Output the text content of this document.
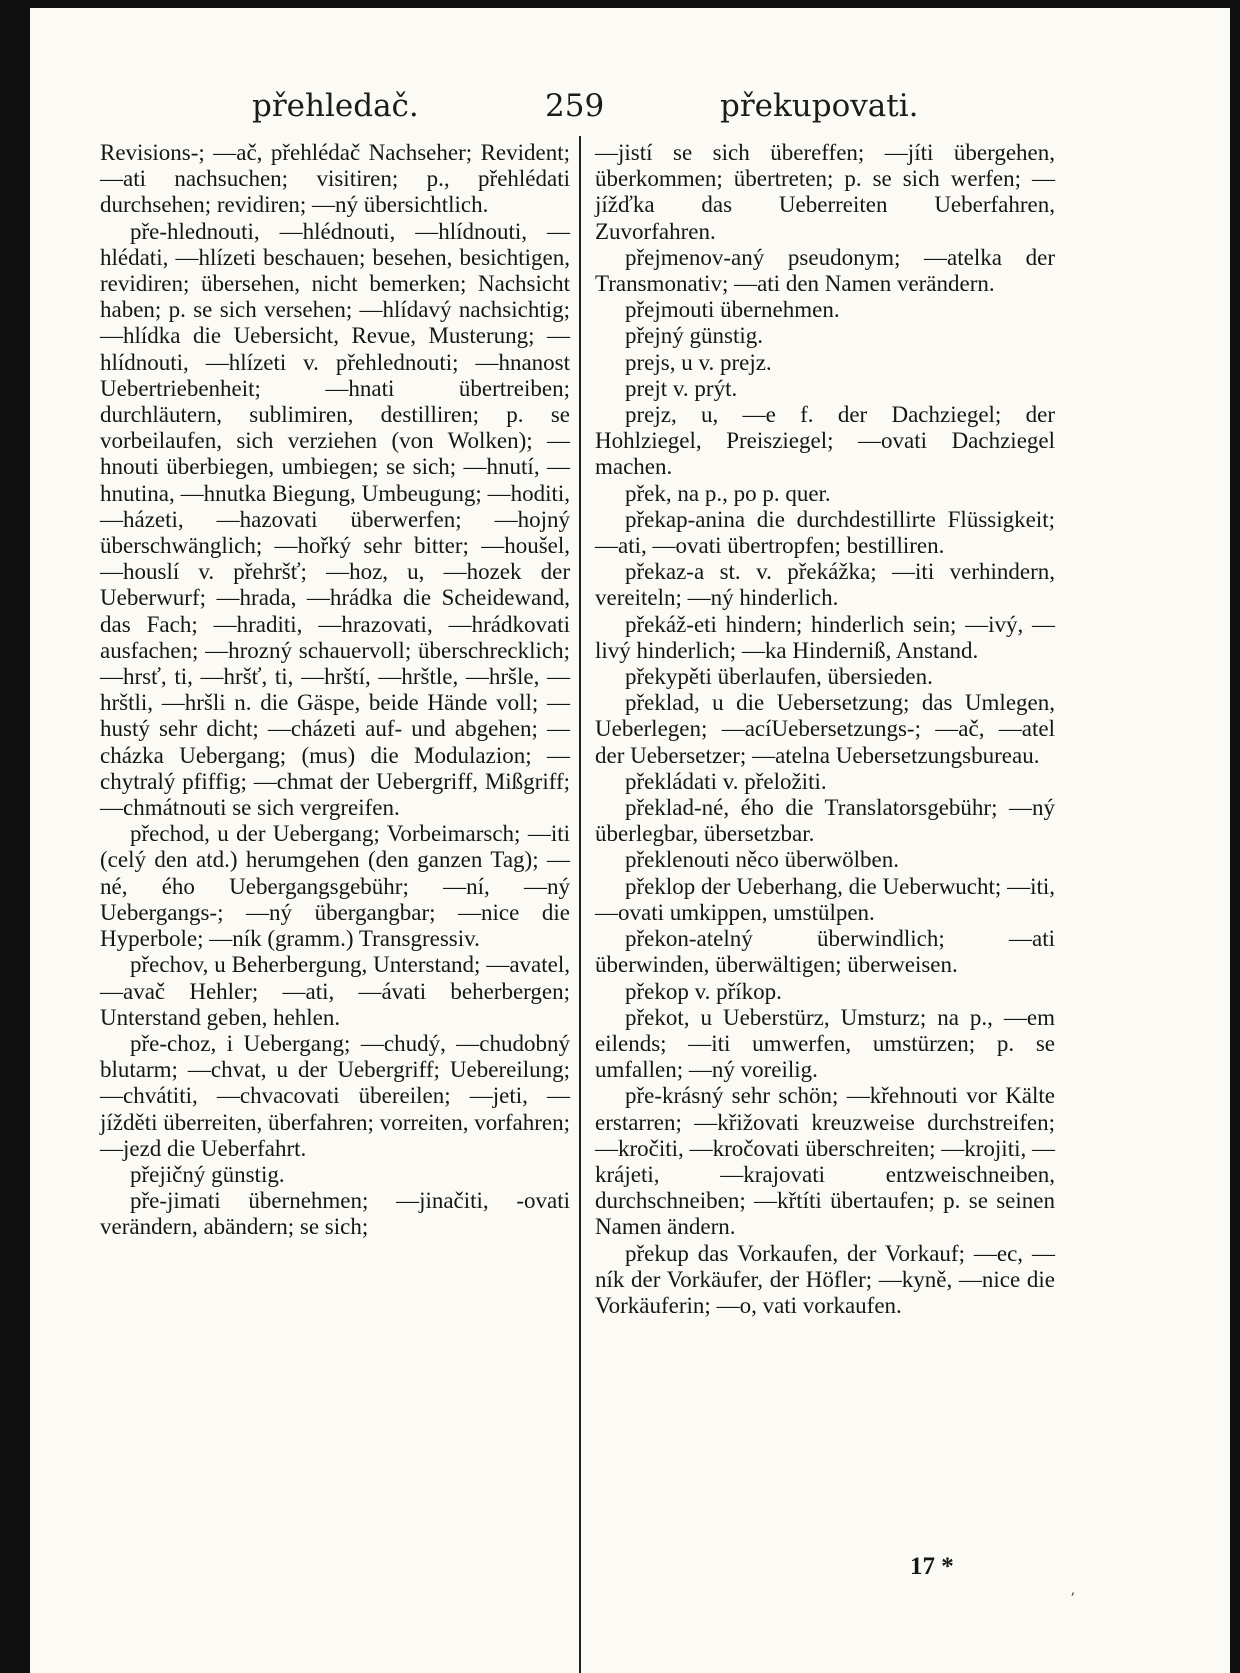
přehledač.	259	překupovati.

Revisions-; —ač, přehlédač Nachseher; Revident; —ati nachsuchen; visitiren; p., přehlédati durchsehen; revidiren; —ný übersichtlich.

pře-hlednouti, —hlédnouti, —hlídnouti, —hlédati, —hlízeti beschauen; besehen, besichtigen, revidiren; übersehen, nicht bemerken; Nachsicht haben; p. se sich versehen; —hlídavý nachsichtig; —hlídka die Uebersicht, Revue, Musterung; —hlídnouti, —hlízeti v. přehlednouti; —hnanost Uebertriebenheit; —hnati übertreiben; durchläutern, sublimiren, destilliren; p. se vorbeilaufen, sich verziehen (von Wolken); —hnouti überbiegen, umbiegen; se sich; —hnutí, —hnutina, —hnutka Biegung, Umbeugung; —hoditi, —házeti, —hazovati überwerfen; —hojný überschwänglich; —hořký sehr bitter; —houšel, —houslí v. přehršť; —hoz, u, —hozek der Ueberwurf; —hrada, —hrádka die Scheidewand, das Fach; —hraditi, —hrazovati, —hrádkovati ausfachen; —hrozný schauervoll; überschrecklich; —hrsť, ti, —hršť, ti, —hrští, —hrštle, —hršle, —hrštli, —hršli n. die Gäspe, beide Hände voll; —hustý sehr dicht; —cházeti auf- und abgehen; —cházka Uebergang; (mus) die Modulazion; —chytralý pfiffig; —chmat der Uebergriff, Mißgriff; —chmátnouti se sich vergreifen.

přechod, u der Uebergang; Vorbeimarsch; —iti (celý den atd.) herumgehen (den ganzen Tag); —né, ého Uebergangsgebühr; —ní, —ný Uebergangs-; —ný übergangbar; —nice die Hyperbole; —ník (gramm.) Transgressiv.

přechov, u Beherbergung, Unterstand; —avatel, —avač Hehler; —ati, —ávati beherbergen; Unterstand geben, hehlen.

pře-choz, i Uebergang; —chudý, —chudobný blutarm; —chvat, u der Uebergriff; Uebereilung; —chvátiti, —chvacovati übereilen; —jeti, —jížděti überreiten, überfahren; vorreiten, vorfahren; —jezd die Ueberfahrt.

přejičný günstig.

pře-jimati übernehmen; —jinačiti, -ovati verändern, abändern; se sich;

—jistí se sich übereffen; —jíti übergehen, überkommen; übertreten; p. se sich werfen; —jížďka das Ueberreiten Ueberfahren, Zuvorfahren.

přejmenov-aný pseudonym; —atelka der Transmonativ; —ati den Namen verändern.

přejmouti übernehmen.

přejný günstig.

prejs, u v. prejz.

prejt v. prýt.

prejz, u, —e f. der Dachziegel; der Hohlziegel, Preisziegel; —ovati Dachziegel machen.

přek, na p., po p. quer.

překap-anina die durchdestillirte Flüssigkeit; —ati, —ovati übertropfen; bestilliren.

překaz-a st. v. překážka; —iti verhindern, vereiteln; —ný hinderlich.

překáž-eti hindern; hinderlich sein; —ivý, —livý hinderlich; —ka Hinderniß, Anstand.

překypěti überlaufen, übersieden.

překlad, u die Uebersetzung; das Umlegen, Ueberlegen; —acíUebersetzungs-; —ač, —atel der Uebersetzer; —atelna Uebersetzungsbureau.

překládati v. přeložiti.

překlad-né, ého die Translatorsgebühr; —ný überlegbar, übersetzbar.

překlenouti něco überwölben.

překlop der Ueberhang, die Ueberwucht; —iti, —ovati umkippen, umstülpen.

překon-atelný überwindlich; —ati überwinden, überwältigen; überweisen.

překop v. příkop.

překot, u Ueberstürz, Umsturz; na p., —em eilends; —iti umwerfen, umstürzen; p. se umfallen; —ný voreilig.

pře-krásný sehr schön; —křehnouti vor Kälte erstarren; —křižovati kreuzweise durchstreifen; —kročiti, —kročovati überschreiten; —krojiti, —krájeti, —krajovati entzweischneiben, durchschneiben; —křtíti übertaufen; p. se seinen Namen ändern.

překup das Vorkaufen, der Vorkauf; —ec, —ník der Vorkäufer, der Höfler; —kyně, —nice die Vorkäuferin; —o, vati vorkaufen.

17 *
ʼ
